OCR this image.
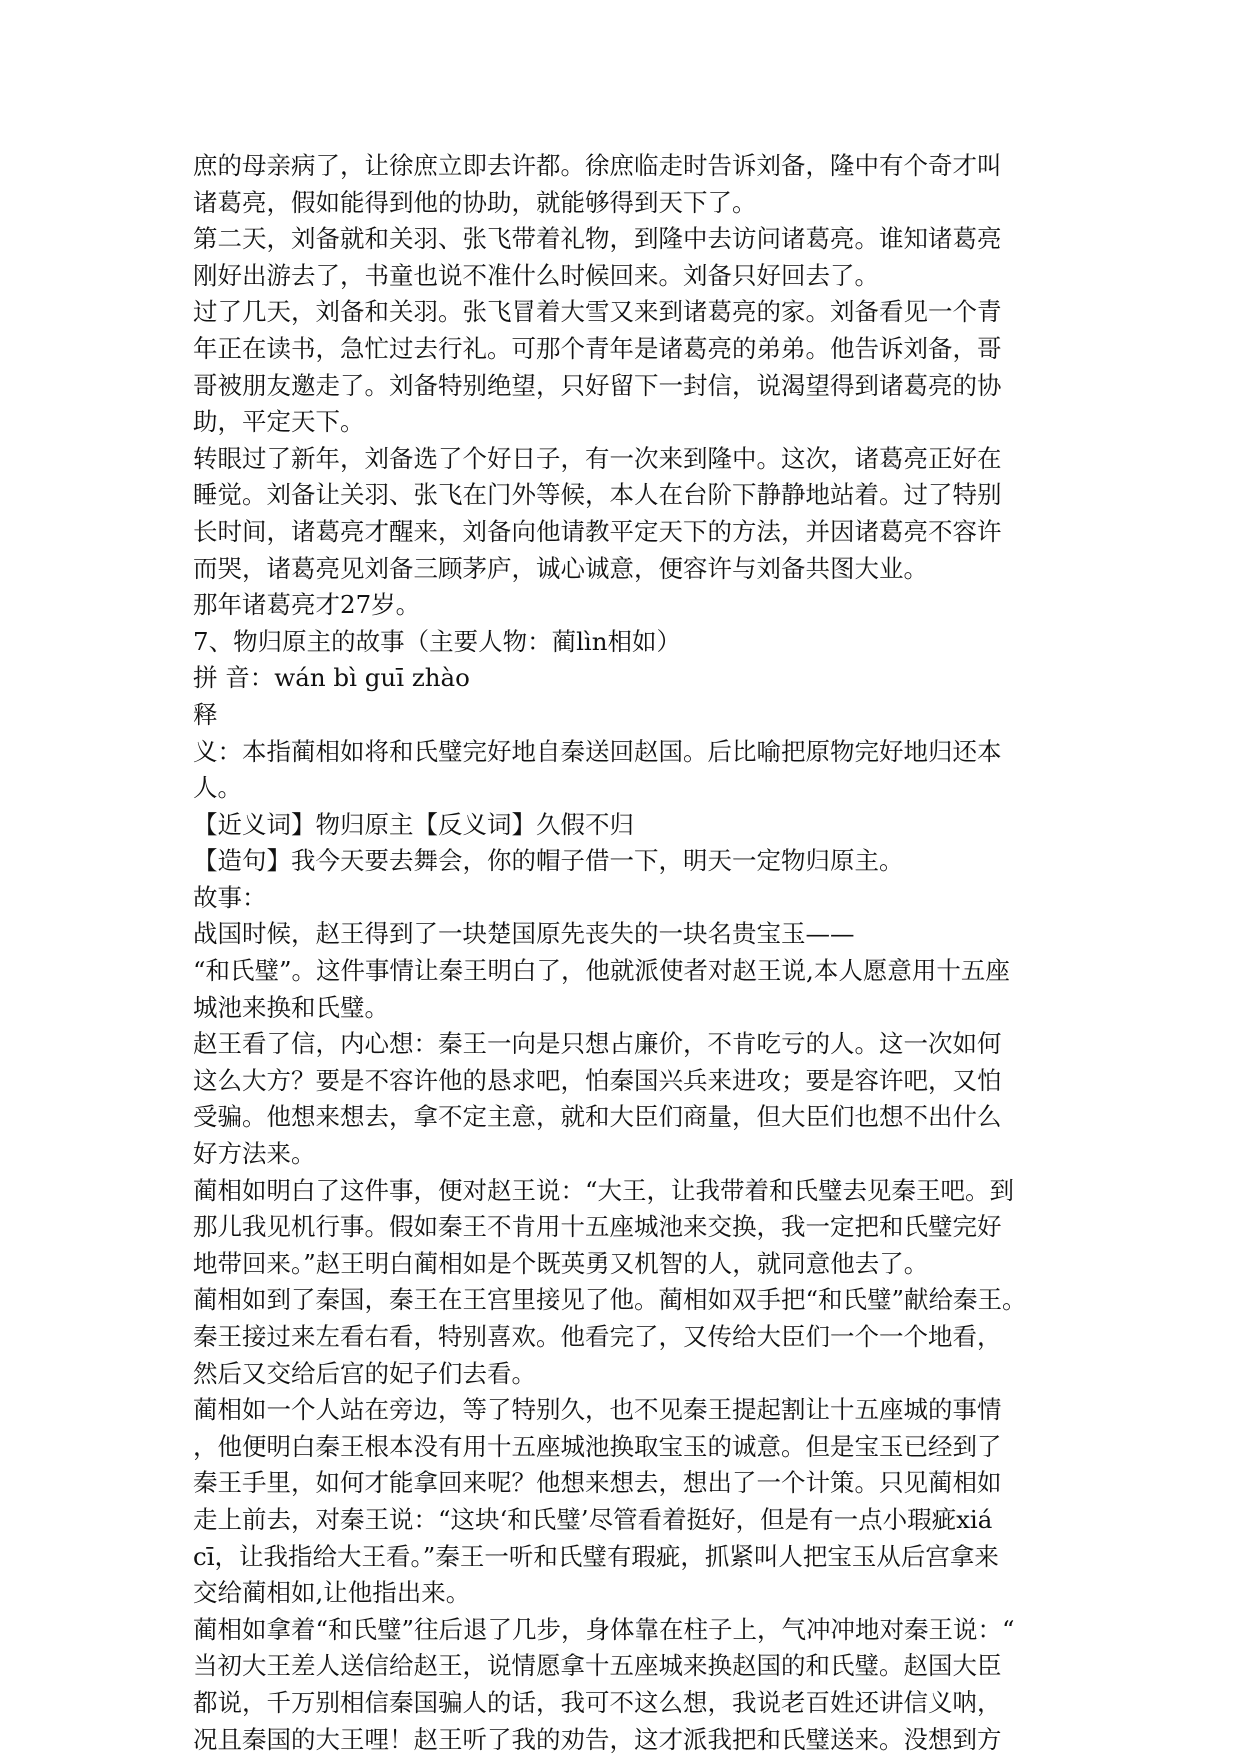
庶的母亲病了，让徐庶立即去许都。徐庶临走时告诉刘备，隆中有个奇才叫
诸葛亮，假如能得到他的协助，就能够得到天下了。
第二天，刘备就和关羽、张飞带着礼物，到隆中去访问诸葛亮。谁知诸葛亮
刚好出游去了，书童也说不准什么时候回来。刘备只好回去了。
过了几天，刘备和关羽。张飞冒着大雪又来到诸葛亮的家。刘备看见一个青
年正在读书，急忙过去行礼。可那个青年是诸葛亮的弟弟。他告诉刘备，哥
哥被朋友邀走了。刘备特别绝望，只好留下一封信，说渴望得到诸葛亮的协
助，平定天下。
转眼过了新年，刘备选了个好日子，有一次来到隆中。这次，诸葛亮正好在
睡觉。刘备让关羽、张飞在门外等候，本人在台阶下静静地站着。过了特别
长时间，诸葛亮才醒来，刘备向他请教平定天下的方法，并因诸葛亮不容许
而哭，诸葛亮见刘备三顾茅庐，诚心诚意，便容许与刘备共图大业。
那年诸葛亮才27岁。
7、物归原主的故事（主要人物：蔺lìn相如）
拼 音：wán bì guī zhào
释
义：本指蔺相如将和氏璧完好地自秦送回赵国。后比喻把原物完好地归还本
人。
【近义词】物归原主【反义词】久假不归
【造句】我今天要去舞会，你的帽子借一下，明天一定物归原主。
故事：
战国时候，赵王得到了一块楚国原先丧失的一块名贵宝玉——
“和氏璧”。这件事情让秦王明白了，他就派使者对赵王说,本人愿意用十五座
城池来换和氏璧。
赵王看了信，内心想：秦王一向是只想占廉价，不肯吃亏的人。这一次如何
这么大方？要是不容许他的恳求吧，怕秦国兴兵来进攻；要是容许吧，又怕
受骗。他想来想去，拿不定主意，就和大臣们商量，但大臣们也想不出什么
好方法来。
蔺相如明白了这件事，便对赵王说：“大王，让我带着和氏璧去见秦王吧。到
那儿我见机行事。假如秦王不肯用十五座城池来交换，我一定把和氏璧完好
地带回来。”赵王明白蔺相如是个既英勇又机智的人，就同意他去了。
蔺相如到了秦国，秦王在王宫里接见了他。蔺相如双手把“和氏璧”献给秦王。
秦王接过来左看右看，特别喜欢。他看完了，又传给大臣们一个一个地看，
然后又交给后宫的妃子们去看。
蔺相如一个人站在旁边，等了特别久，也不见秦王提起割让十五座城的事情
，他便明白秦王根本没有用十五座城池换取宝玉的诚意。但是宝玉已经到了
秦王手里，如何才能拿回来呢？他想来想去，想出了一个计策。只见蔺相如
走上前去，对秦王说：“这块‘和氏璧’尽管看着挺好，但是有一点小瑕疵xiá
cī，让我指给大王看。”秦王一听和氏璧有瑕疵，抓紧叫人把宝玉从后宫拿来
交给蔺相如,让他指出来。
蔺相如拿着“和氏璧”往后退了几步，身体靠在柱子上，气冲冲地对秦王说：“
当初大王差人送信给赵王，说情愿拿十五座城来换赵国的和氏璧。赵国大臣
都说，千万别相信秦国骗人的话，我可不这么想，我说老百姓还讲信义呐，
况且秦国的大王哩！赵王听了我的劝告，这才派我把和氏璧送来。没想到方
